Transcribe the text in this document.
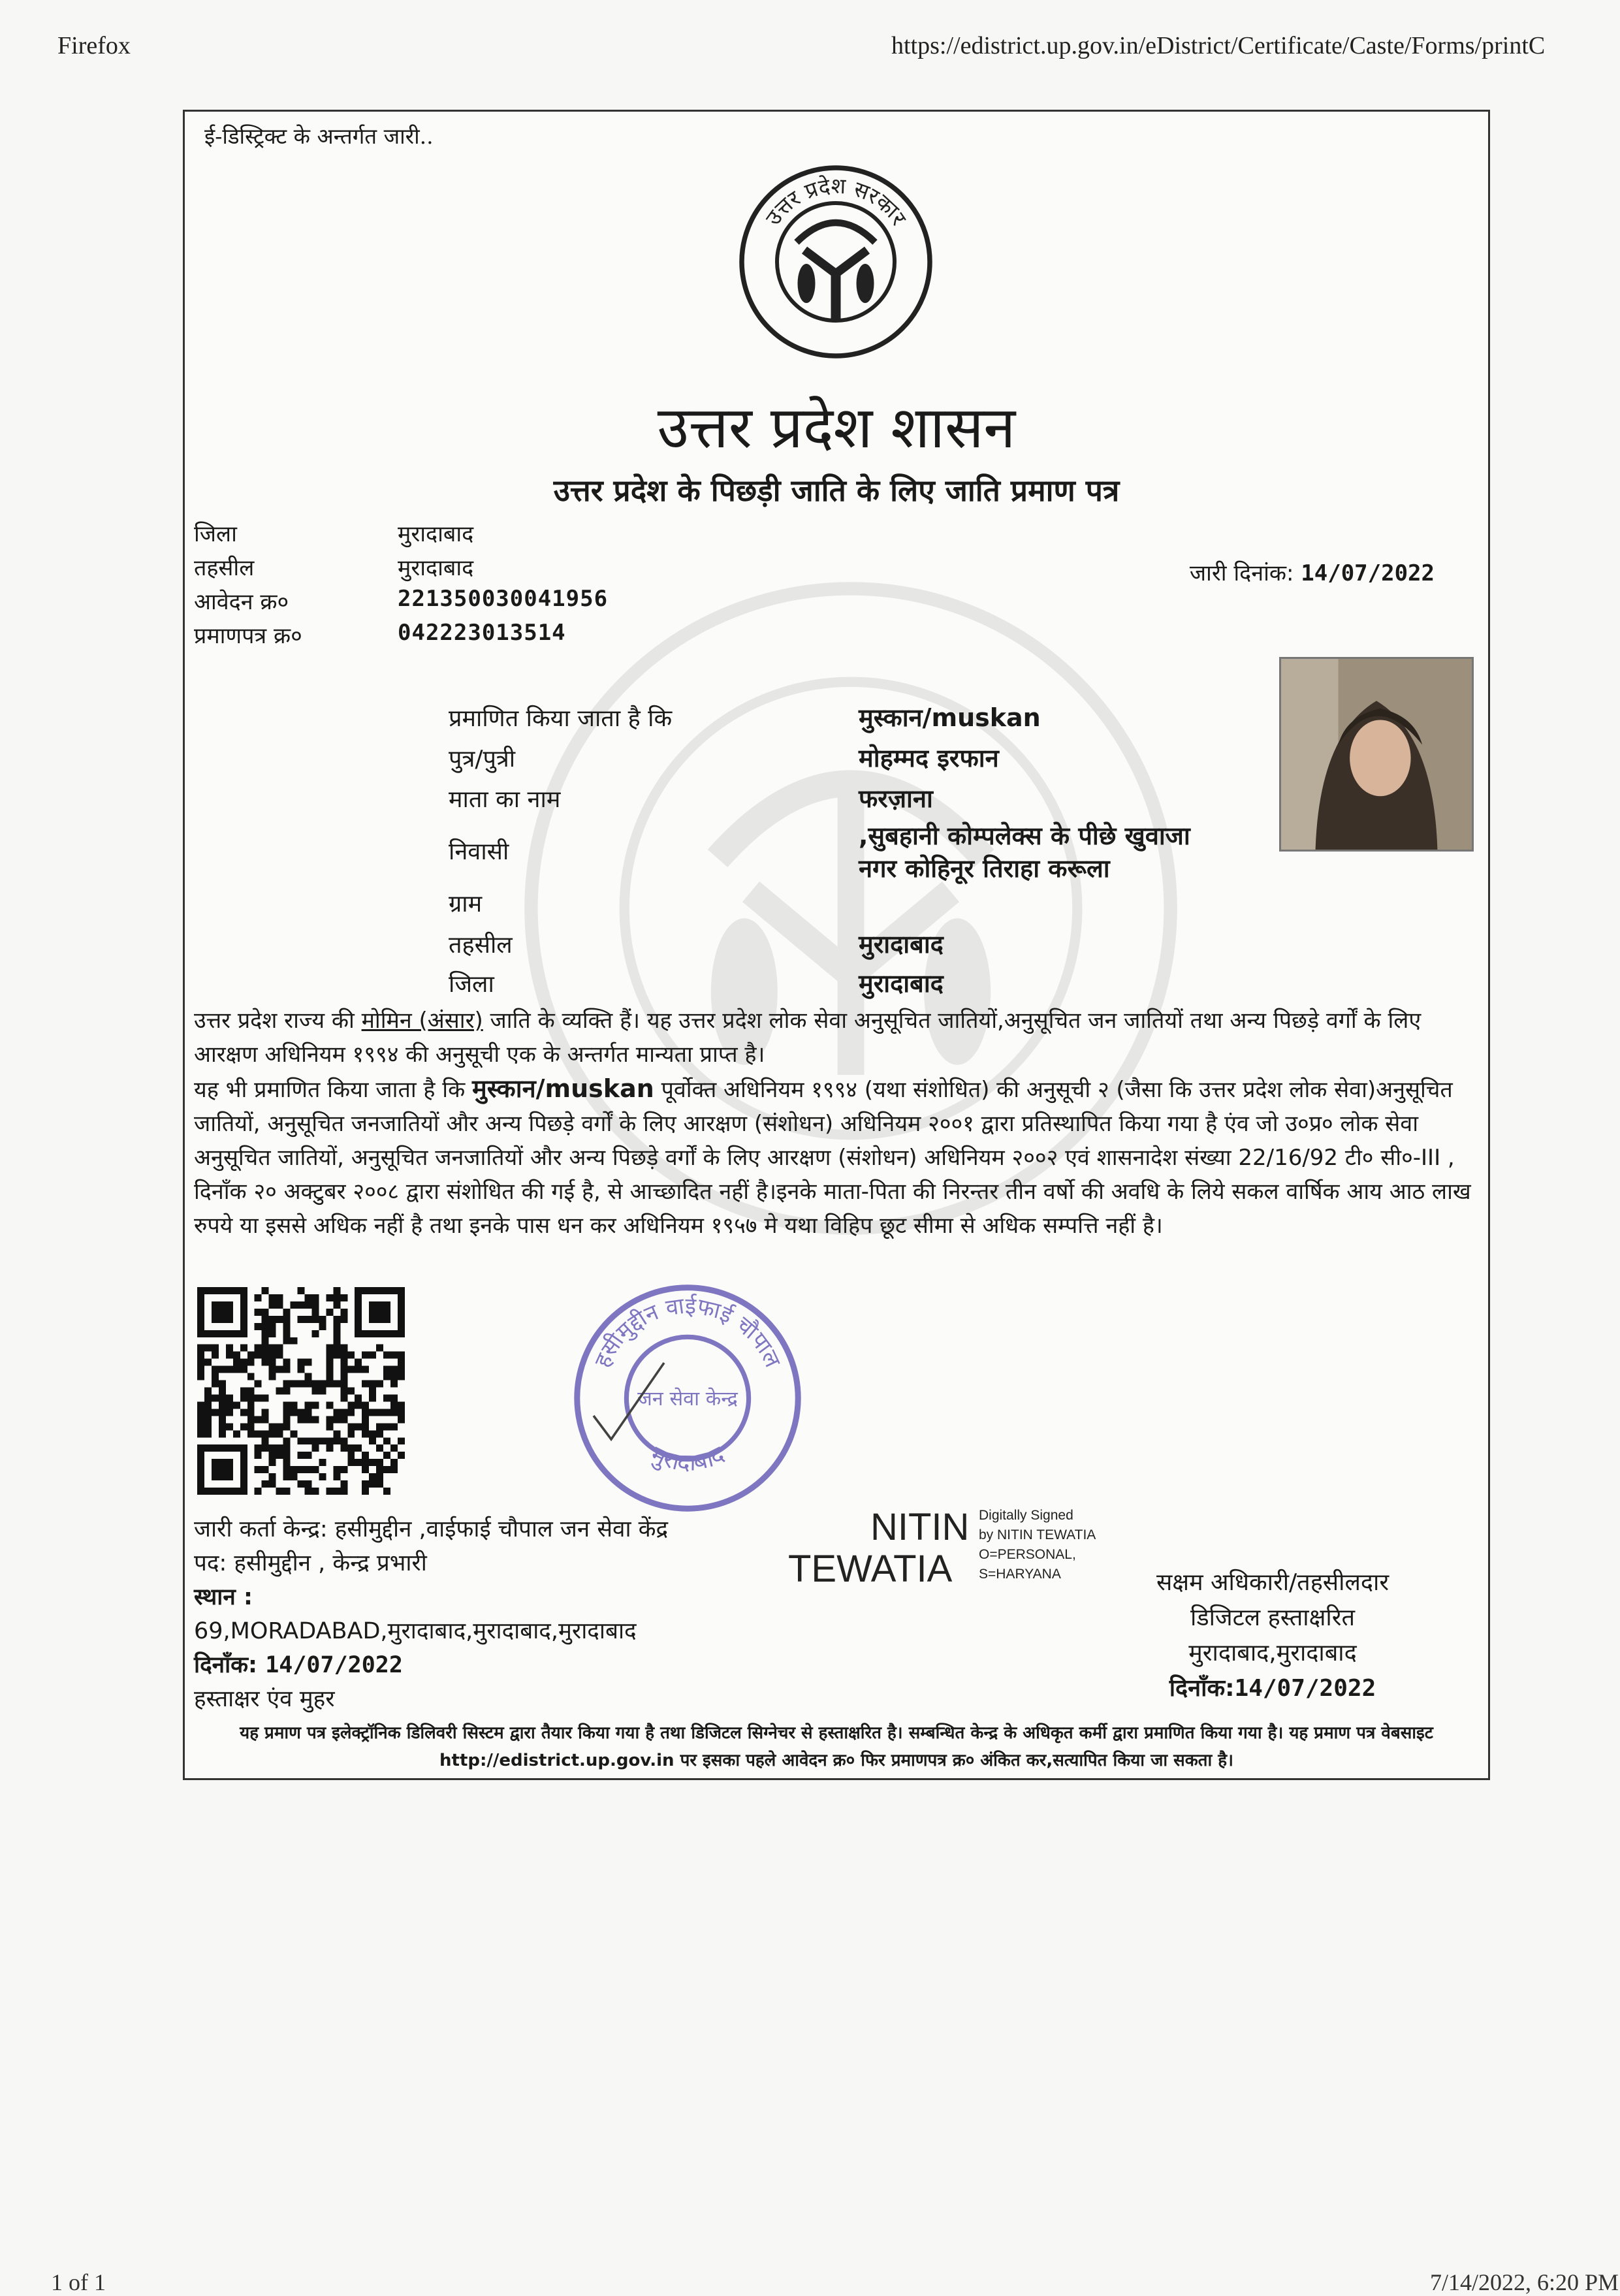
Firefox	https://edistrict.up.gov.in/eDistrict/Certificate/Caste/Forms/printC
1 of 1	7/14/2022, 6:20 PM
ई-डिस्ट्रिक्ट के अन्तर्गत जारी..
उत्तर प्रदेश सरकार
उत्तर प्रदेश शासन
उत्तर प्रदेश के पिछड़ी जाति के लिए जाति प्रमाण पत्र
जिला	मुरादाबाद
तहसील	मुरादाबाद
आवेदन क्र०	221350030041956
प्रमाणपत्र क्र०	042223013514
जारी दिनांक: 14/07/2022
प्रमाणित किया जाता है कि	मुस्कान/muskan
पुत्र/पुत्री	मोहम्मद इरफान
माता का नाम	फरज़ाना
निवासी
,सुबहानी कोम्पलेक्स के पीछे खुवाजा
नगर कोहिनूर तिराहा करूला
ग्राम
तहसील	मुरादाबाद
जिला	मुरादाबाद
उत्तर प्रदेश राज्य की मोमिन (अंसार) जाति के व्यक्ति हैं। यह उत्तर प्रदेश लोक सेवा अनुसूचित जातियों,अनुसूचित जन जातियों तथा अन्य पिछड़े वर्गों के लिए आरक्षण अधिनियम १९९४ की अनुसूची एक के अन्तर्गत मान्यता प्राप्त है।
यह भी प्रमाणित किया जाता है कि मुस्कान/muskan पूर्वोक्त अधिनियम १९९४ (यथा संशोधित) की अनुसूची २ (जैसा कि उत्तर प्रदेश लोक सेवा)अनुसूचित जातियों, अनुसूचित जनजातियों और अन्य पिछड़े वर्गों के लिए आरक्षण (संशोधन) अधिनियम २००१ द्वारा प्रतिस्थापित किया गया है एंव जो उ०प्र० लोक सेवा अनुसूचित जातियों, अनुसूचित जनजातियों और अन्य पिछड़े वर्गों के लिए आरक्षण (संशोधन) अधिनियम २००२ एवं शासनादेश संख्या 22/16/92 टी० सी०-III , दिनाँक २० अक्टुबर २००८ द्वारा संशोधित की गई है, से आच्छादित नहीं है।इनके माता-पिता की निरन्तर तीन वर्षो की अवधि के लिये सकल वार्षिक आय आठ लाख रुपये या इससे अधिक नहीं है तथा इनके पास धन कर अधिनियम १९५७ मे यथा विहिप छूट सीमा से अधिक सम्पत्ति नहीं है।
हसीमुद्दीन वाईफाई चौपाल
मुरादाबाद
जन सेवा केन्द्र
जारी कर्ता केन्द्र: हसीमुद्दीन ,वाईफाई चौपाल जन सेवा केंद्र
पद: हसीमुद्दीन , केन्द्र प्रभारी
स्थान :
69,MORADABAD,मुरादाबाद,मुरादाबाद,मुरादाबाद
दिनाँक: 14/07/2022
हस्ताक्षर एंव मुहर
NITIN
TEWATIA
Digitally Signed
by NITIN TEWATIA
O=PERSONAL,
S=HARYANA	सक्षम अधिकारी/तहसीलदार
डिजिटल हस्ताक्षरित
मुरादाबाद,मुरादाबाद
दिनाँक:14/07/2022
यह प्रमाण पत्र इलेक्ट्रॉनिक डिलिवरी सिस्टम द्वारा तैयार किया गया है तथा डिजिटल सिग्नेचर से हस्ताक्षरित है। सम्बन्धित केन्द्र के अधिकृत कर्मी द्वारा प्रमाणित किया गया है। यह प्रमाण पत्र वेबसाइट http://edistrict.up.gov.in पर इसका पहले आवेदन क्र० फिर प्रमाणपत्र क्र० अंकित कर,सत्यापित किया जा सकता है।
